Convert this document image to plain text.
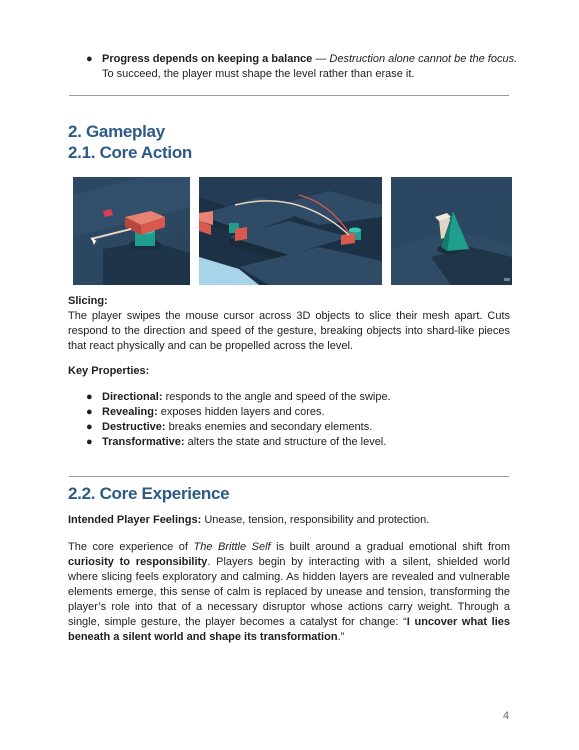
● Progress depends on keeping a balance — Destruction alone cannot be the focus.
To succeed, the player must shape the level rather than erase it.
2. Gameplay
2.1. Core Action
Slicing:
The player swipes the mouse cursor across 3D objects to slice their mesh apart. Cuts respond to the direction and speed of the gesture, breaking objects into shard-like pieces that react physically and can be propelled across the level.
Key Properties:
● Directional: responds to the angle and speed of the swipe.
● Revealing: exposes hidden layers and cores.
● Destructive: breaks enemies and secondary elements.
● Transformative: alters the state and structure of the level.
2.2. Core Experience
Intended Player Feelings: Unease, tension, responsibility and protection.
The core experience of The Brittle Self is built around a gradual emotional shift from curiosity to responsibility. Players begin by interacting with a silent, shielded world where slicing feels exploratory and calming. As hidden layers are revealed and vulnerable elements emerge, this sense of calm is replaced by unease and tension, transforming the player’s role into that of a necessary disruptor whose actions carry weight. Through a single, simple gesture, the player becomes a catalyst for change: “I uncover what lies beneath a silent world and shape its transformation.”
4
